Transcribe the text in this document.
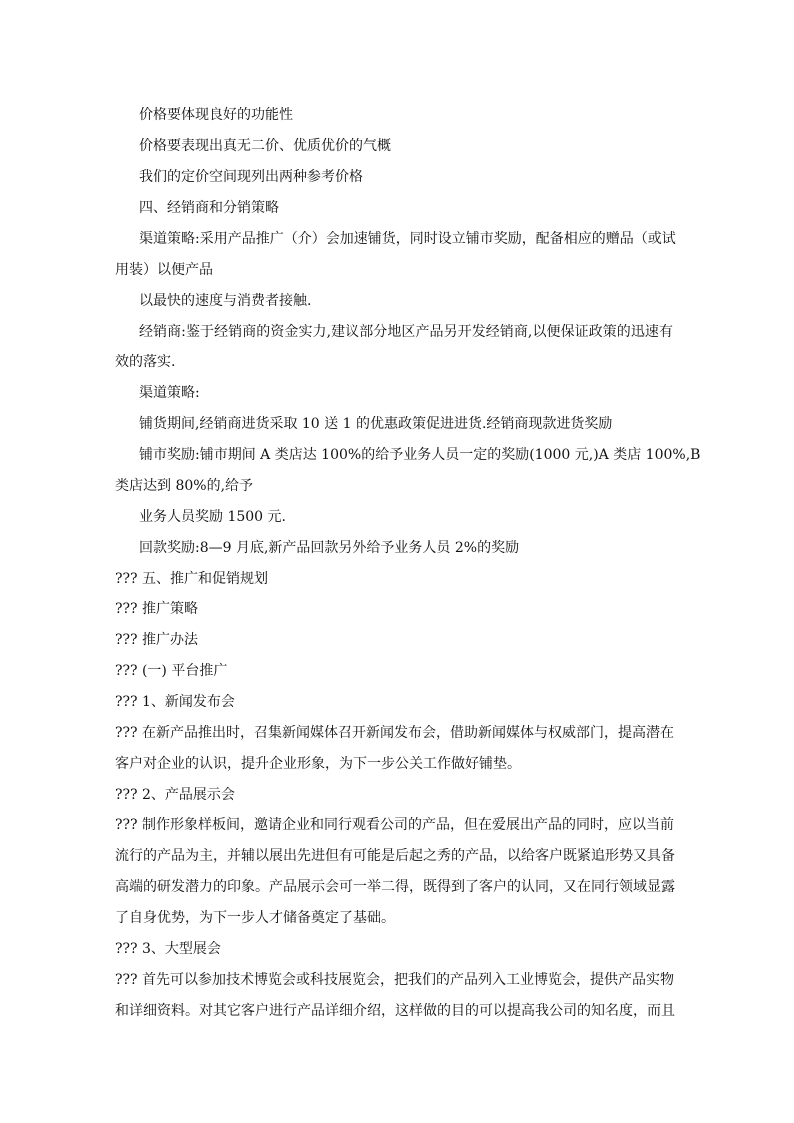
价格要体现良好的功能性
价格要表现出真无二价、优质优价的气概
我们的定价空间现列出两种参考价格
四、经销商和分销策略
渠道策略:采用产品推广（介）会加速铺货，同时设立铺市奖励，配备相应的赠品（或试
用装）以便产品
以最快的速度与消费者接触.
经销商:鉴于经销商的资金实力,建议部分地区产品另开发经销商,以便保证政策的迅速有
效的落实.
渠道策略:
铺货期间,经销商进货采取 10 送 1 的优惠政策促进进货.经销商现款进货奖励
铺市奖励:铺市期间 A 类店达 100%的给予业务人员一定的奖励(1000 元,)A 类店 100%,B
类店达到 80%的,给予
业务人员奖励 1500 元.
回款奖励:8—9 月底,新产品回款另外给予业务人员 2%的奖励
??? 五、推广和促销规划
??? 推广策略
??? 推广办法
??? (一) 平台推广
??? 1、新闻发布会
??? 在新产品推出时，召集新闻媒体召开新闻发布会，借助新闻媒体与权威部门，提高潜在
客户对企业的认识，提升企业形象，为下一步公关工作做好铺垫。
??? 2、产品展示会
??? 制作形象样板间，邀请企业和同行观看公司的产品，但在爱展出产品的同时，应以当前
流行的产品为主，并辅以展出先进但有可能是后起之秀的产品，以给客户既紧追形势又具备
高端的研发潜力的印象。产品展示会可一举二得，既得到了客户的认同，又在同行领域显露
了自身优势，为下一步人才储备奠定了基础。
??? 3、大型展会
??? 首先可以参加技术博览会或科技展览会，把我们的产品列入工业博览会，提供产品实物
和详细资料。对其它客户进行产品详细介绍，这样做的目的可以提高我公司的知名度，而且
